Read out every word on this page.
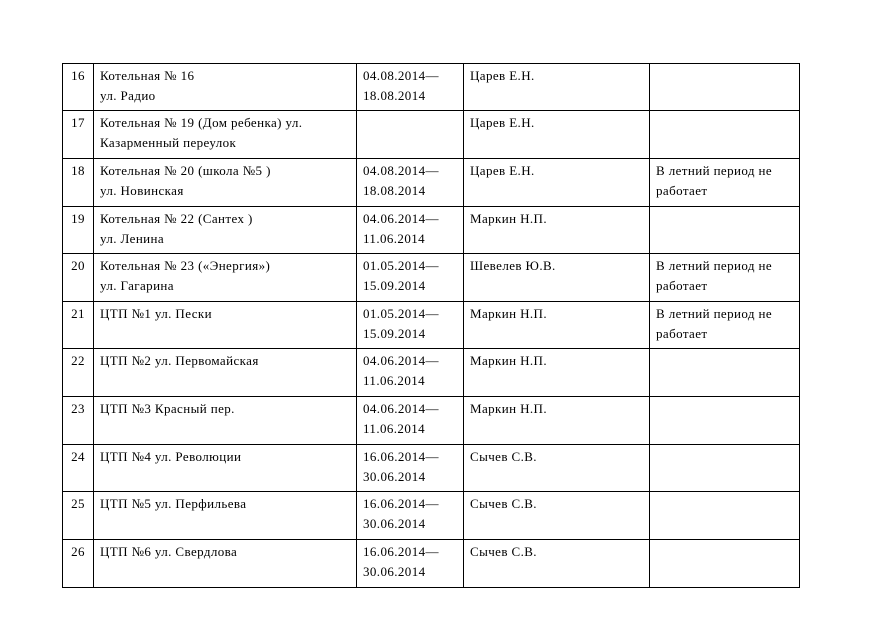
16	Котельная № 16
ул. Радио	04.08.2014—
18.08.2014	Царев Е.Н.	

17	Котельная № 19 (Дом ребенка) ул.
Казарменный переулок		Царев Е.Н.	

18	Котельная № 20 (школа №5 )
ул. Новинская	04.08.2014—
18.08.2014	Царев Е.Н.	В летний период не
работает

19	Котельная № 22 (Сантех )
ул. Ленина	04.06.2014—
11.06.2014	Маркин Н.П.	

20	Котельная № 23 («Энергия»)
ул. Гагарина	01.05.2014—
15.09.2014	Шевелев Ю.В.	В летний период не
работает

21	ЦТП №1 ул. Пески	01.05.2014—
15.09.2014	Маркин Н.П.	В летний период не
работает

22	ЦТП №2 ул. Первомайская	04.06.2014—
11.06.2014	Маркин Н.П.	

23	ЦТП №3 Красный пер.	04.06.2014—
11.06.2014	Маркин Н.П.	

24	ЦТП №4 ул. Революции	16.06.2014—
30.06.2014	Сычев С.В.	

25	ЦТП №5 ул. Перфильева	16.06.2014—
30.06.2014	Сычев С.В.	

26	ЦТП №6 ул. Свердлова	16.06.2014—
30.06.2014	Сычев С.В.	
